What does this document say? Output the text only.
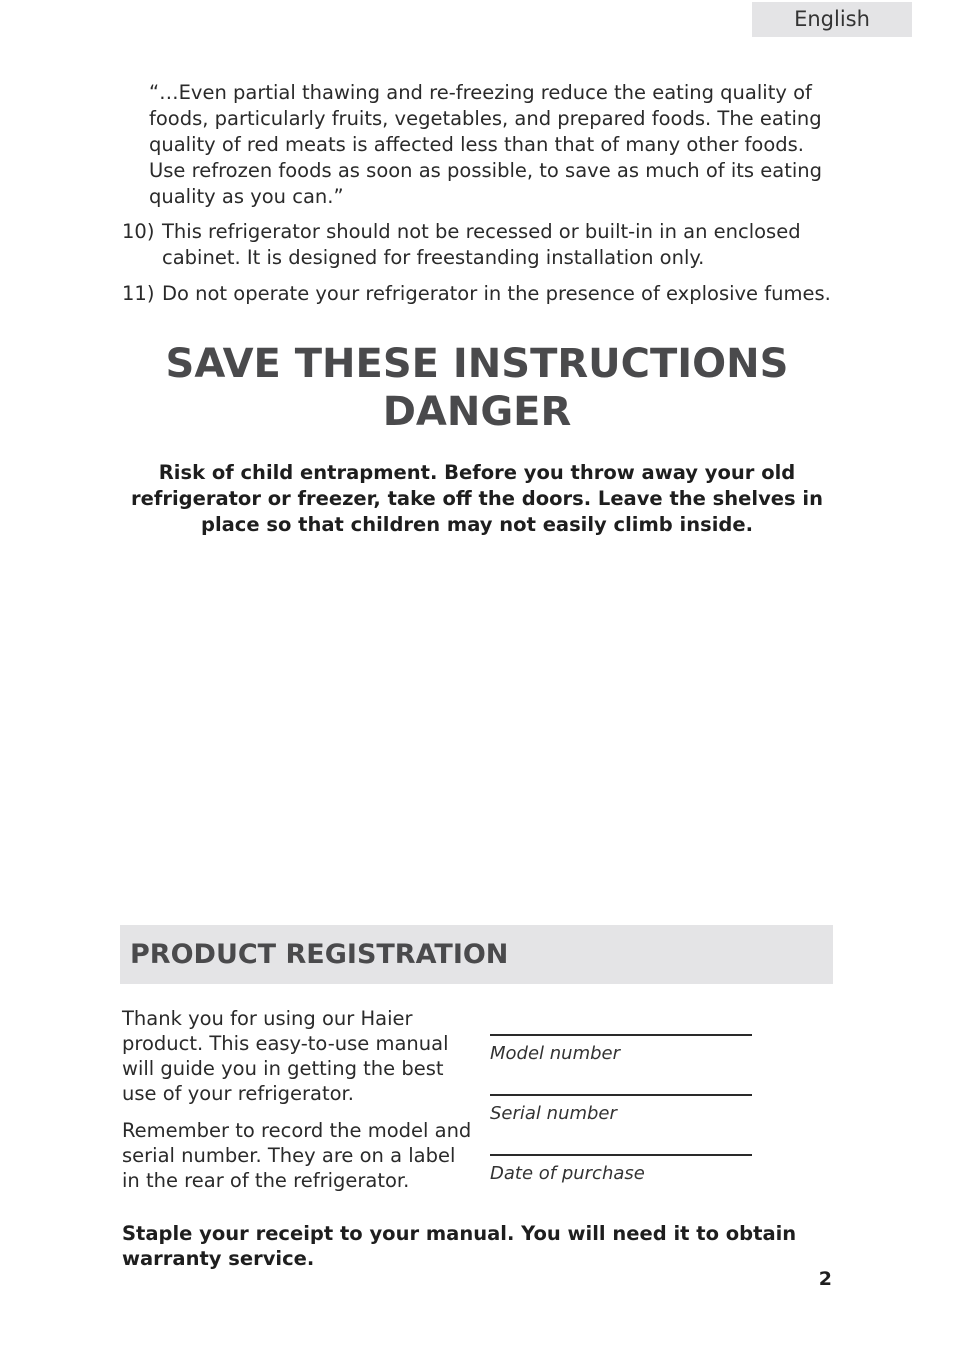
English

“…Even partial thawing and re-freezing reduce the eating quality of foods, particularly fruits, vegetables, and prepared foods. The eating quality of red meats is affected less than that of many other foods. Use refrozen foods as soon as possible, to save as much of its eating quality as you can.”

10) This refrigerator should not be recessed or built-in in an enclosed cabinet. It is designed for freestanding installation only.
11) Do not operate your refrigerator in the presence of explosive fumes.
SAVE THESE INSTRUCTIONS
DANGER

Risk of child entrapment. Before you throw away your old refrigerator or freezer, take off the doors. Leave the shelves in place so that children may not easily climb inside.

PRODUCT REGISTRATION

Thank you for using our Haier product. This easy-to-use manual will guide you in getting the best use of your refrigerator.

Remember to record the model and serial number. They are on a label in the rear of the refrigerator.

Model number
Serial number
Date of purchase

Staple your receipt to your manual. You will need it to obtain warranty service.

2
